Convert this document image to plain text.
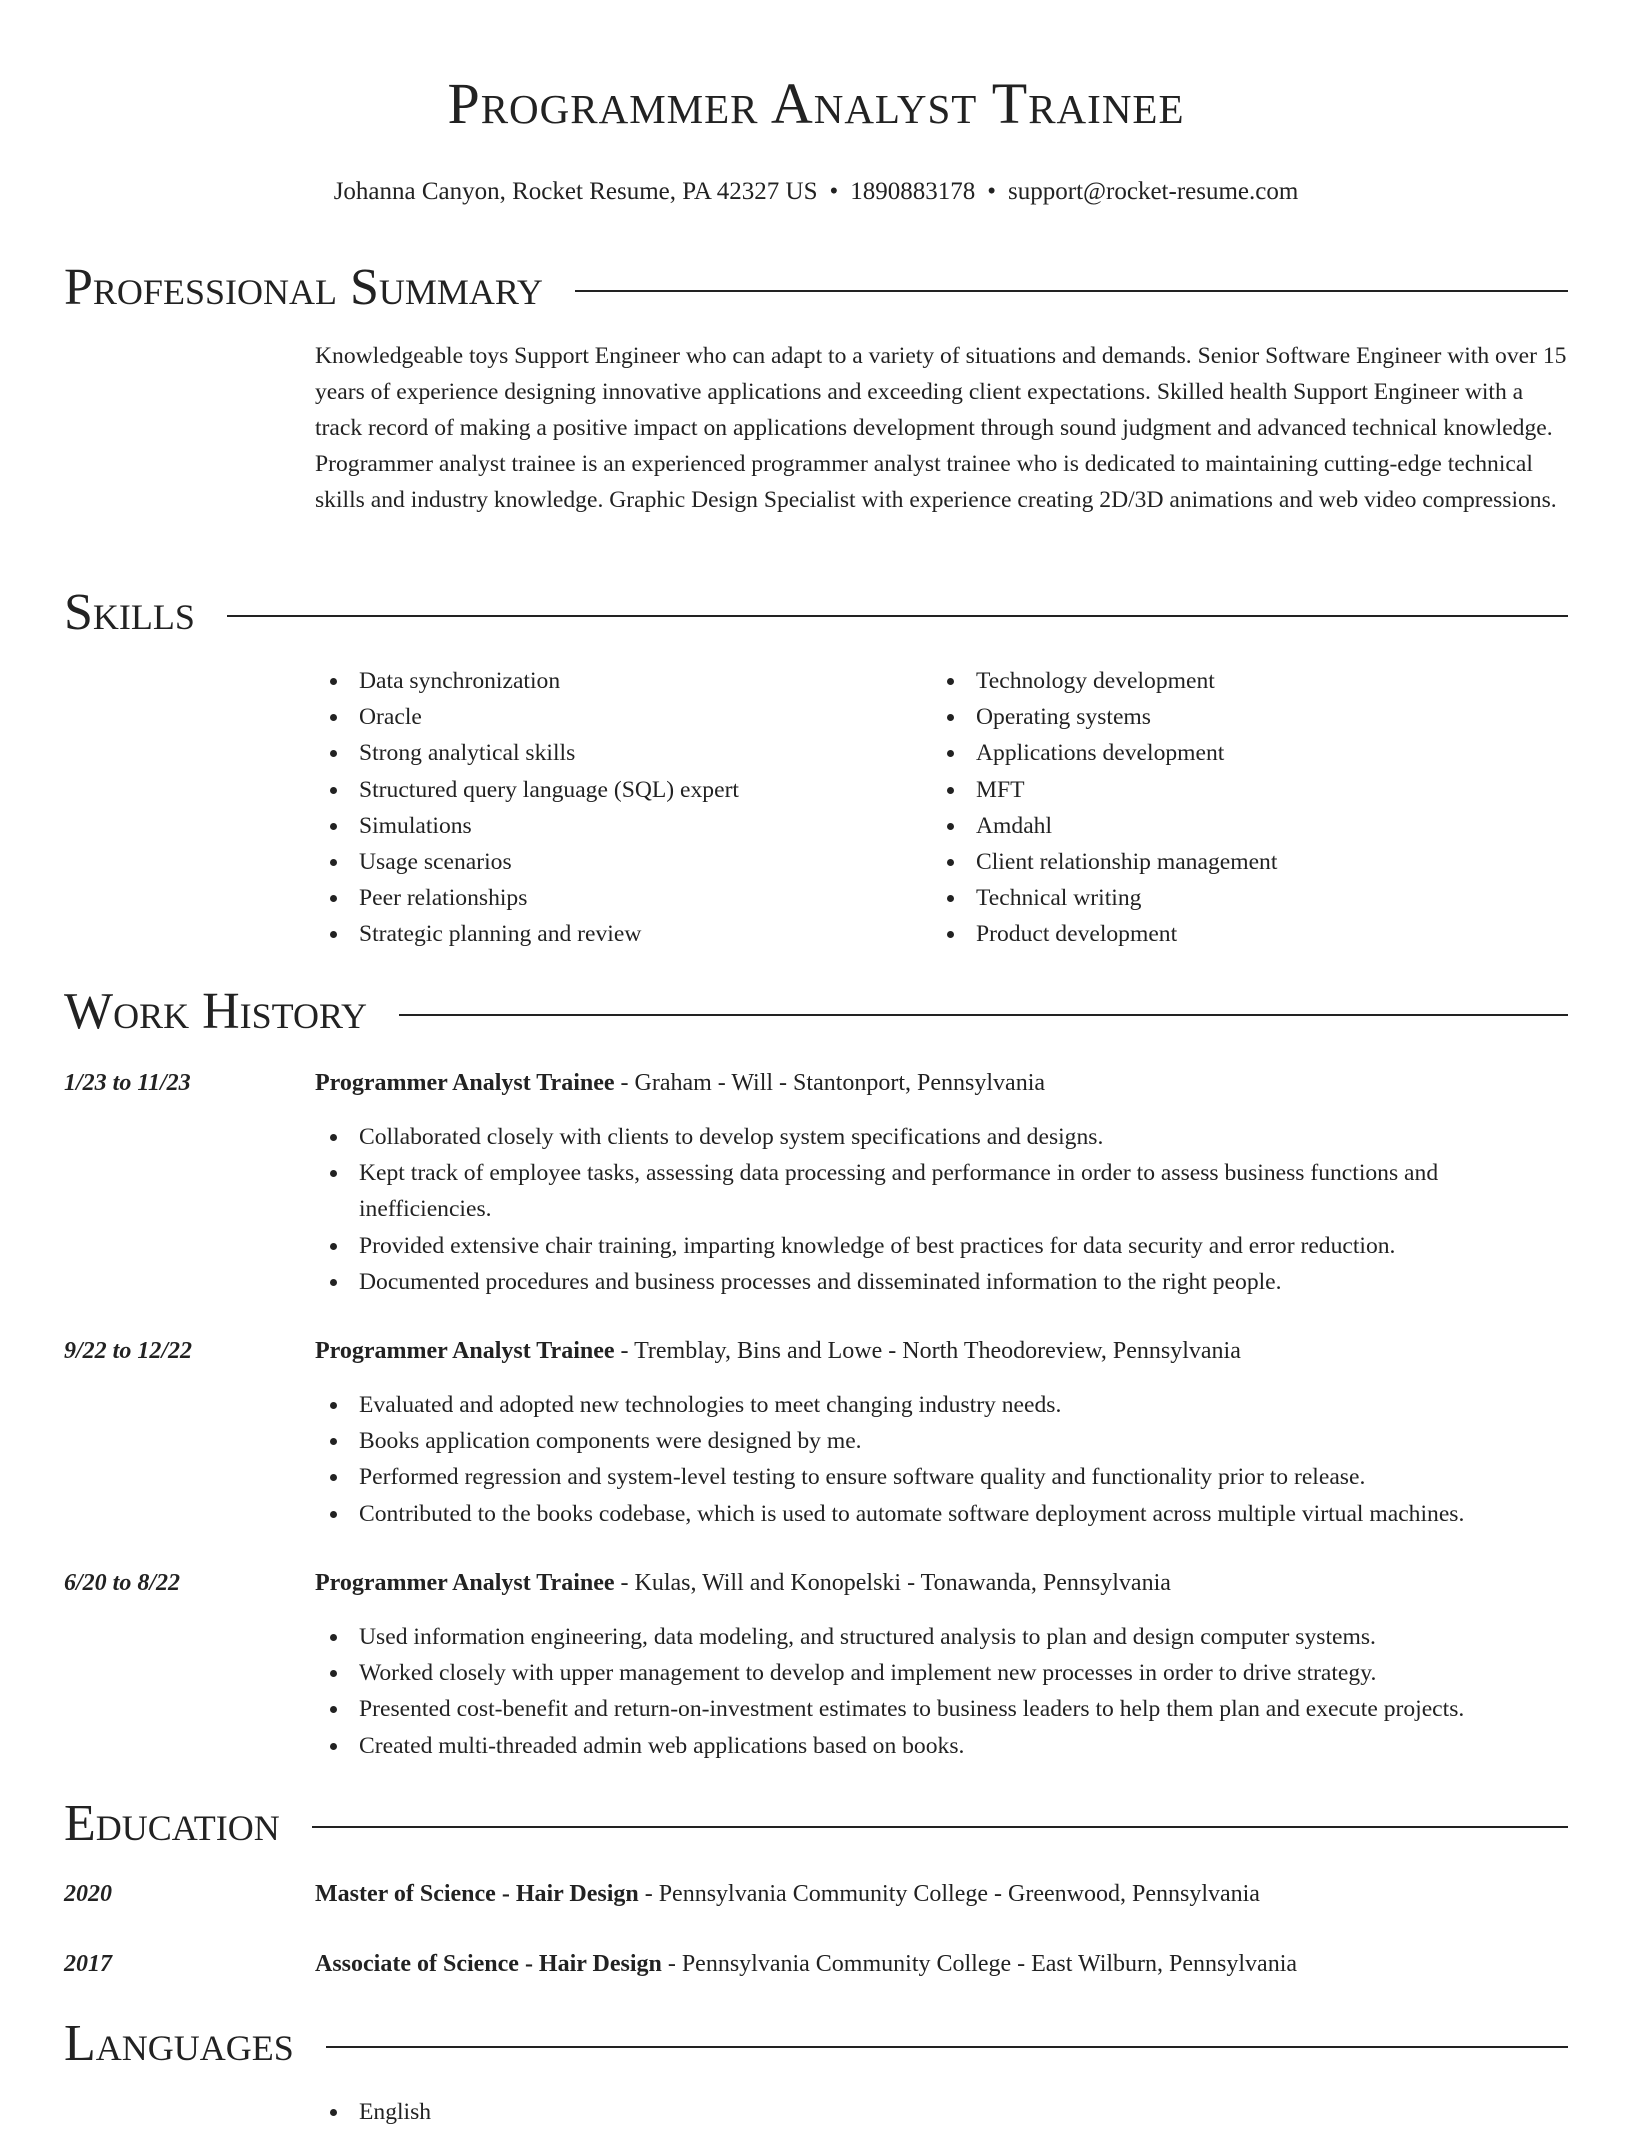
Programmer Analyst Trainee
Johanna Canyon, Rocket Resume, PA 42327 US • 1890883178 • support@rocket-resume.com
Professional Summary

Knowledgeable toys Support Engineer who can adapt to a variety of situations and demands. Senior Software Engineer with over 15 years of experience designing innovative applications and exceeding client expectations. Skilled health Support Engineer with a track record of making a positive impact on applications development through sound judgment and advanced technical knowledge. Programmer analyst trainee is an experienced programmer analyst trainee who is dedicated to maintaining cutting-edge technical skills and industry knowledge. Graphic Design Specialist with experience creating 2D/3D animations and web video compressions.

Skills
Data synchronization
Oracle
Strong analytical skills
Structured query language (SQL) expert
Simulations
Usage scenarios
Peer relationships
Strategic planning and review
Technology development
Operating systems
Applications development
MFT
Amdahl
Client relationship management
Technical writing
Product development
Work History
1/23 to 11/23	Programmer Analyst Trainee - Graham - Will - Stantonport, Pennsylvania
Collaborated closely with clients to develop system specifications and designs.
Kept track of employee tasks, assessing data processing and performance in order to assess business functions and inefficiencies.
Provided extensive chair training, imparting knowledge of best practices for data security and error reduction.
Documented procedures and business processes and disseminated information to the right people.
9/22 to 12/22	Programmer Analyst Trainee - Tremblay, Bins and Lowe - North Theodoreview, Pennsylvania
Evaluated and adopted new technologies to meet changing industry needs.
Books application components were designed by me.
Performed regression and system-level testing to ensure software quality and functionality prior to release.
Contributed to the books codebase, which is used to automate software deployment across multiple virtual machines.
6/20 to 8/22	Programmer Analyst Trainee - Kulas, Will and Konopelski - Tonawanda, Pennsylvania
Used information engineering, data modeling, and structured analysis to plan and design computer systems.
Worked closely with upper management to develop and implement new processes in order to drive strategy.
Presented cost-benefit and return-on-investment estimates to business leaders to help them plan and execute projects.
Created multi-threaded admin web applications based on books.
Education
2020	Master of Science - Hair Design - Pennsylvania Community College - Greenwood, Pennsylvania
2017	Associate of Science - Hair Design - Pennsylvania Community College - East Wilburn, Pennsylvania
Languages
English
